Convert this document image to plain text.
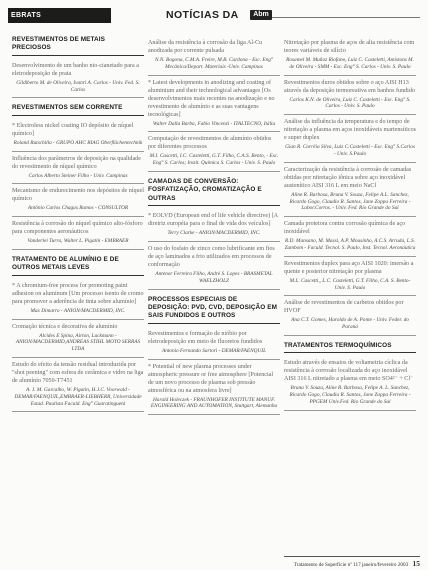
EBRATS	NOTÍCIAS DA	Abm
REVESTIMENTOS DE METAIS PRECIOSOS

Desenvolvimento de um banho nio-cianetado para a eletrodeposição de prata

Gildiberto M. de Oliveira, Ivanri A. Carlos - Univ. Fed. S. Carlos

REVESTIMENTOS SEM CORRENTE

* Electroless nickel coating IO depósito de níquel químico]

Roland Rutschilla - GRUPO AHC RIAG Oberflächentechnik

Influência dos parâmetros de deposição na qualidade do revestimento de níquel químico

Carlos Alberto Steiner Filho - Univ. Campinas

Mecanismo de endurecimento nos depósitos de níquel químico

Antônio Carlos Chagas Ramos - CONSULTOR

Resistência à corrosão do níquel químico alto-fósforo para componentes aeronáuticos

Vanderlei Turra, Walter L. Pigatin - EMBRAER

TRATAMENTO DE ALUMÍNIO E DE OUTROS METAIS LEVES

* A chromium-free process for promoting paint adhesion on aluminum [Um processo isento de cromo para promover a aderência de tinta sobre alumínio]

Max Dimarro - ANION/MACDERMID, INC.

Cromação técnica e decorativa de alumínio

Alcides E Spina, Airton, Luckmann - ANION/MACDERMID,ANDREAS STIHL MOTO SERRAS LTDA

Estudo do efeito da tensão residual introduzida por "shot peening" com esfera de cerâmica e vidro na liga de alumínio 7050-T7451

A. J. M. Garcalho, W. Pigatin, H.J.C. Voorwald - DEMAR/FAENQUIL,EMBRAER-LIEBHERR, Universidade Estad. Paulista Faculd. Eng° Guaratinguetá

Análise da resistência à corrosão da liga Al-Cu anodizada por corrente pulsada

N.N. Bogona, C.M.A. Freire, M.B. Cardona - Esc. Eng° Mecânica/Depart. Materiais -Univ. Campinas

* Latest developments in anodizing and coating of aluminium and their technological advantages [Os desenvolvimentos mais recentes na anodização e no revestimento de alumínio e as suas vantagens tecnológicas]

Walter Dalla Barba, Fabio Vincenzi - ITALTECNO, Itália

Computação de revestimentos de alumínio obtidos por diferentes processos

M.I. Cascetti, I.C. Casteletti, G.T. Filho, C.A.S. Bento, - Esc. Eng° S. Carlos; Instit. Química S. Carlos - Univ. S. Paulo

CAMADAS DE CONVERSÃO: FOSFATIZAÇÃO, CROMATIZAÇÃO E OUTRAS

* EOLVD (European end of life vehicle directive) [A diretriz européia para o final de vida dos veículos]

Terry Clarke - ANION/MACDERMID, INC.

O uso do fosfato de zinco como lubrificante em fios de aço laminados a frio utilizados em processos de conformação

Antenor Ferreira Filho, André S. Lopes - BRASMETAL WAELZHOLZ

PROCESSOS ESPECIAIS DE DEPOSIÇÃO: PVD, CVD, DEPOSIÇÃO EM SAIS FUNDIDOS E OUTROS

Revestimentos e formação de nióbio por eletrodeposição em meio de fluoretos fundidos

Antonio Fernando Sartori - DEMAR/FAENQUIL

* Potential of new plasma processes under atmospheric pressure or free atmosphere [Potencial de um novo processo de plasma sob pressão atmosférica ou na atmosfera livre]

Harald Holeczek - FRAUNHOFER INSTITUTE MANUF. ENGINEERING AND AUTOMATION, Stuttgart, Alemanha

Nitretação por plasma de aços de alta resistência com teores variáveis de silício

Rosamel M. Muñoz Riofano, Luiz C. Casteletti, Amistons M. de Oliveira - SMM - Esc. Eng° S. Carlos - Univ. S. Paulo

Revestimentos duros obtidos sobre o aço AISI H13 através da deposição termoreativa em banhos fundido

Carlos K.N. de Oliveira, Luiz C. Casteletti - Esc. Eng° S. Carlos - Univ. S. Paulo

Análise da influência da temperatura e do tempo de nitretação a plasma em aços inoxidáveis martensíticos e super duplex

Gian R. Corrêia Silva, Luiz C.Casteletti - Esc. Eng° S.Carlos - Univ. S.Paulo

Caracterização da resistência à corrosão de camadas obtidas por nitretação iônica sobre aço inoxidável austenítico AISI 316 L em meio NaCl

Aline R. Barbosa, Bruna V. Souza, Felipe A.L. Sanchez, Ricardo Gogo, Claudio R. Santos, Jane Zoppa Ferreira - Labor.Corros. - Univ. Fed. Rio Grande do Sul

Camada protetora contra corrosão química de aço inoxidável

R.D. Mansano, M. Massi, A.P. Mousinho, A.C.S. Arruda, L.S. Zambom - Faculd. Tecnol. S. Paulo, Inst. Tecnol. Aeronáutica

Revestimentos duplex para aço AISI 1020: imersão a quente e posterior nitretação por plasma

M.L. Cascetti,, L.C. Casteletti, G.T. Filho, C.A. S. Bento- Univ. S. Paulo

Análise de revestimentos de carbetos obtidos por HVOF

Ana C.T. Gomes, Haroldo de A. Ponte - Univ. Feder. do Paraná

TRATAMENTOS TERMOQUÍMICOS

Estudo através de ensaios de voltametria cíclica da resistência à corrosão localizada do aço inoxidável AISI 316 L nitretado a plasma em meio SO4²⁻ + Cl⁻

Bruna V. Souza, Aline R. Barbosa, Felipe A. L. Sanchez, Ricardo Gogo, Claudia R. Santos, Jane Zoppa Ferreira - PPGEM Univ.Fed. Rio Grande do Sul

Tratamento de Superfície nº 117 janeiro/fevereiro 2003 15
